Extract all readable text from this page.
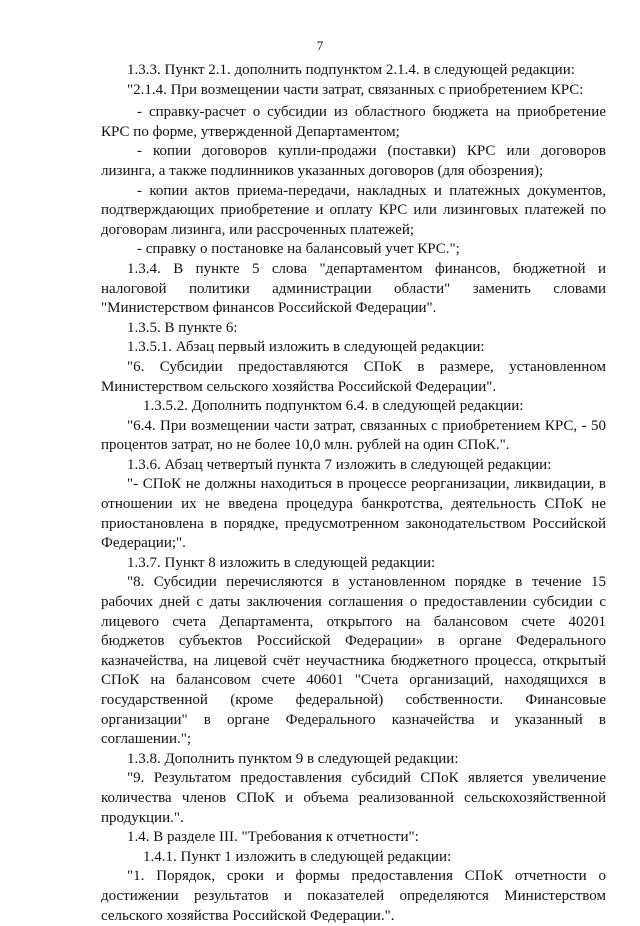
7
1.3.3. Пункт 2.1. дополнить подпунктом 2.1.4. в следующей редакции:
"2.1.4. При возмещении части затрат, связанных с приобретением КРС:
- справку-расчет о субсидии из областного бюджета на приобретение
КРС по форме, утвержденной Департаментом;
- копии договоров купли-продажи (поставки) КРС или договоров
лизинга, а также подлинников указанных договоров (для обозрения);
- копии актов приема-передачи, накладных и платежных документов,
подтверждающих приобретение и оплату КРС или лизинговых платежей по
договорам лизинга, или рассроченных платежей;
- справку о постановке на балансовый учет КРС.";
1.3.4. В пункте 5 слова "департаментом финансов, бюджетной и
налоговой политики администрации области" заменить словами
"Министерством финансов Российской Федерации".
1.3.5. В пункте 6:
1.3.5.1. Абзац первый изложить в следующей редакции:
"6. Субсидии предоставляются СПоК в размере, установленном
Министерством сельского хозяйства Российской Федерации".
1.3.5.2. Дополнить подпунктом 6.4. в следующей редакции:
"6.4. При возмещении части затрат, связанных с приобретением КРС, - 50
процентов затрат, но не более 10,0 млн. рублей на один СПоК.".
1.3.6. Абзац четвертый пункта 7 изложить в следующей редакции:
"- СПоК не должны находиться в процессе реорганизации, ликвидации, в
отношении их не введена процедура банкротства, деятельность СПоК не
приостановлена в порядке, предусмотренном законодательством Российской
Федерации;".
1.3.7. Пункт 8 изложить в следующей редакции:
"8. Субсидии перечисляются в установленном порядке в течение 15
рабочих дней с даты заключения соглашения о предоставлении субсидии с
лицевого счета Департамента, открытого на балансовом счете 40201
бюджетов субъектов Российской Федерации» в органе Федерального
казначейства, на лицевой счёт неучастника бюджетного процесса, открытый
СПоК на балансовом счете 40601 "Счета организаций, находящихся в
государственной (кроме федеральной) собственности. Финансовые
организации" в органе Федерального казначейства и указанный в
соглашении.";
1.3.8. Дополнить пунктом 9 в следующей редакции:
"9. Результатом предоставления субсидий СПоК является увеличение
количества членов СПоК и объема реализованной сельскохозяйственной
продукции.".
1.4. В разделе III. "Требования к отчетности":
1.4.1. Пункт 1 изложить в следующей редакции:
"1. Порядок, сроки и формы предоставления СПоК отчетности о
достижении результатов и показателей определяются Министерством
сельского хозяйства Российской Федерации.".
